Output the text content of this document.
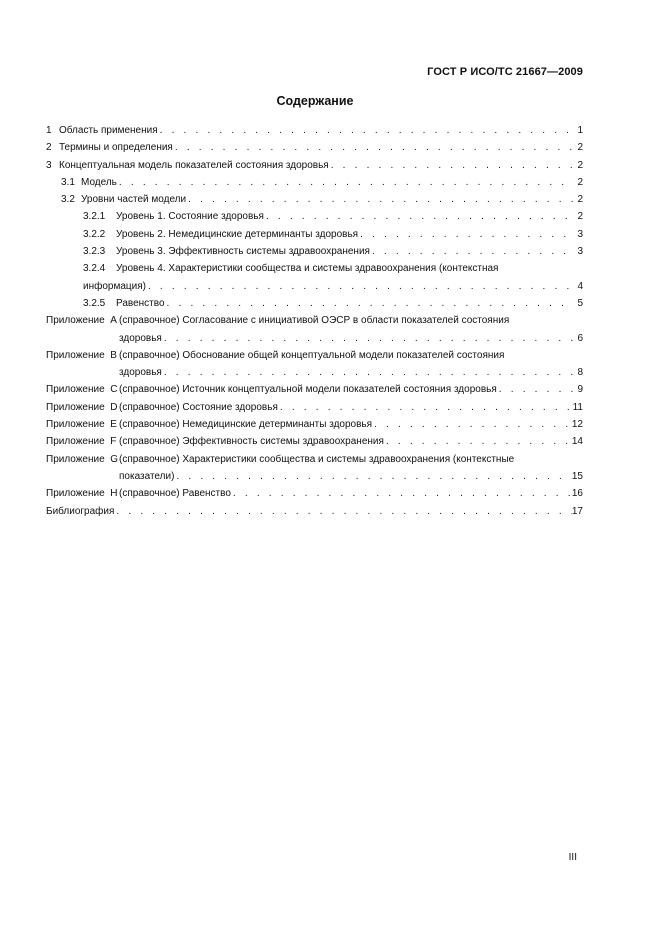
ГОСТ Р ИСО/ТС 21667—2009
Содержание
1 Область применения . . .	1
2 Термины и определения . . .	2
3 Концептуальная модель показателей состояния здоровья . . .	2
3.1 Модель . . .	2
3.2 Уровни частей модели . . .	2
3.2.1 Уровень 1. Состояние здоровья . . .	2
3.2.2 Уровень 2. Немедицинские детерминанты здоровья . . .	3
3.2.3 Уровень 3. Эффективность системы здравоохранения . . .	3
3.2.4 Уровень 4. Характеристики сообщества и системы здравоохранения (контекстная
информация) . . .	4
3.2.5 Равенство . . .	5
Приложение A (справочное) Согласование с инициативой ОЭСР в области показателей состояния
здоровья . . .	6
Приложение B (справочное) Обоснование общей концептуальной модели показателей состояния
здоровья . . .	8
Приложение C (справочное) Источник концептуальной модели показателей состояния здоровья . . .	9
Приложение D (справочное) Состояние здоровья . . .	11
Приложение E (справочное) Немедицинские детерминанты здоровья . . .	12
Приложение F (справочное) Эффективность системы здравоохранения . . .	14
Приложение G(справочное) Характеристики сообщества и системы здравоохранения (контекстные
показатели) . . .	15
Приложение H (справочное) Равенство . . .	16
Библиография . . .	17
III
